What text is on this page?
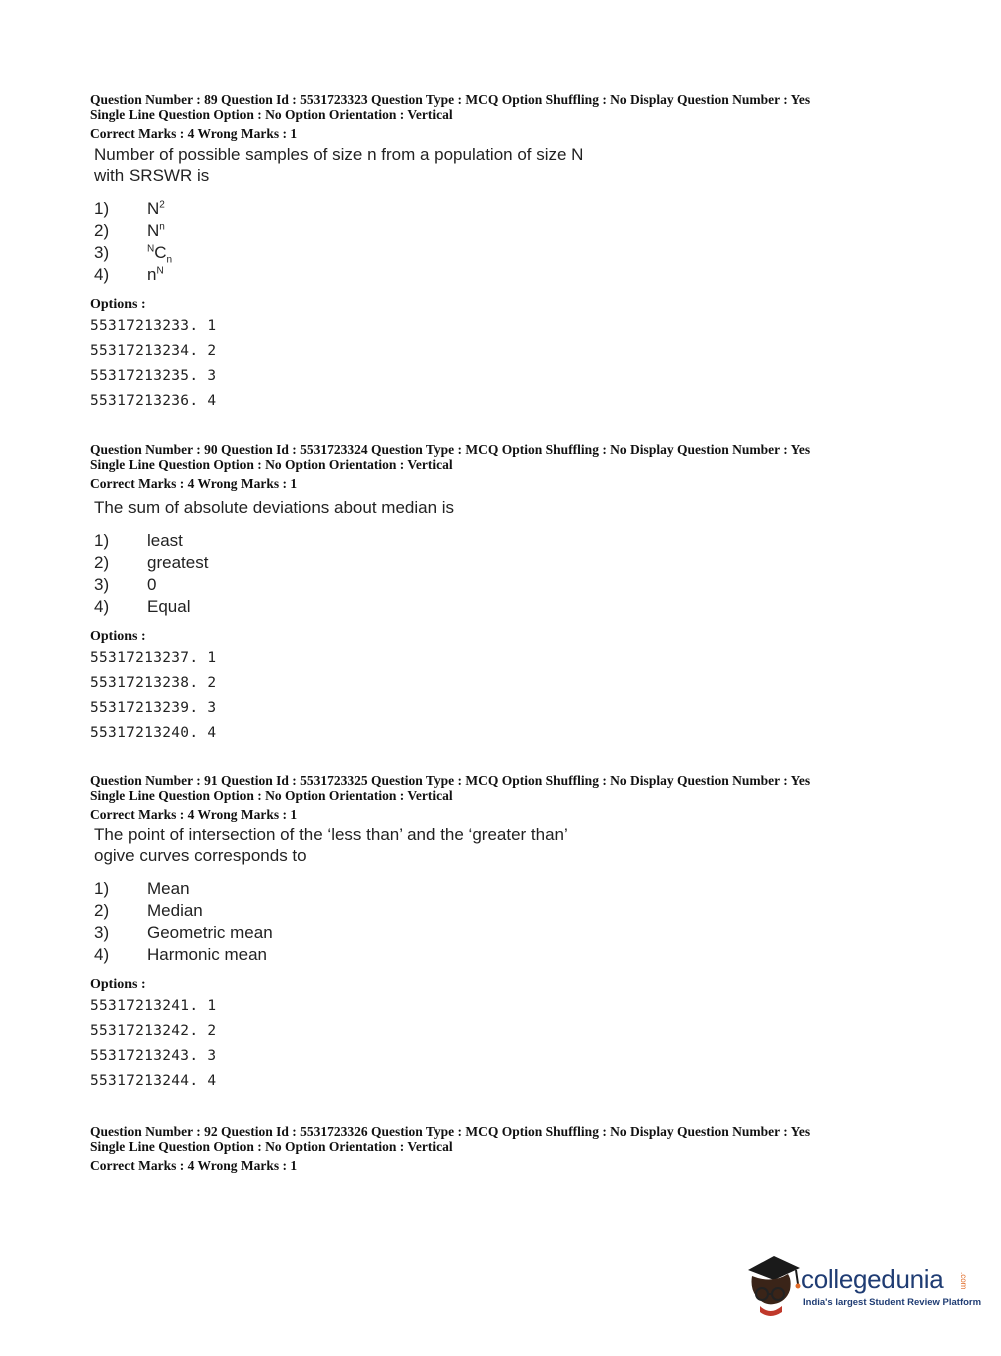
Question Number : 89 Question Id : 5531723323 Question Type : MCQ Option Shuffling : No Display Question Number : Yes
Single Line Question Option : No Option Orientation : Vertical
Correct Marks : 4 Wrong Marks : 1
Number of possible samples of size n from a population of size N
with SRSWR is
1)	$N^2$
2)	$N^n$
3)	$^NC_n$
4)	$n^N$
Options :
55317213233. 1
55317213234. 2
55317213235. 3
55317213236. 4
Question Number : 90 Question Id : 5531723324 Question Type : MCQ Option Shuffling : No Display Question Number : Yes
Single Line Question Option : No Option Orientation : Vertical
Correct Marks : 4 Wrong Marks : 1
The sum of absolute deviations about median is
1)	least
2)	greatest
3)	0
4)	Equal
Options :
55317213237. 1
55317213238. 2
55317213239. 3
55317213240. 4
Question Number : 91 Question Id : 5531723325 Question Type : MCQ Option Shuffling : No Display Question Number : Yes
Single Line Question Option : No Option Orientation : Vertical
Correct Marks : 4 Wrong Marks : 1
The point of intersection of the ‘less than’ and the ‘greater than’
ogive curves corresponds to
1)	Mean
2)	Median
3)	Geometric mean
4)	Harmonic mean
Options :
55317213241. 1
55317213242. 2
55317213243. 3
55317213244. 4
Question Number : 92 Question Id : 5531723326 Question Type : MCQ Option Shuffling : No Display Question Number : Yes
Single Line Question Option : No Option Orientation : Vertical
Correct Marks : 4 Wrong Marks : 1
collegedunia .com
India's largest Student Review Platform
